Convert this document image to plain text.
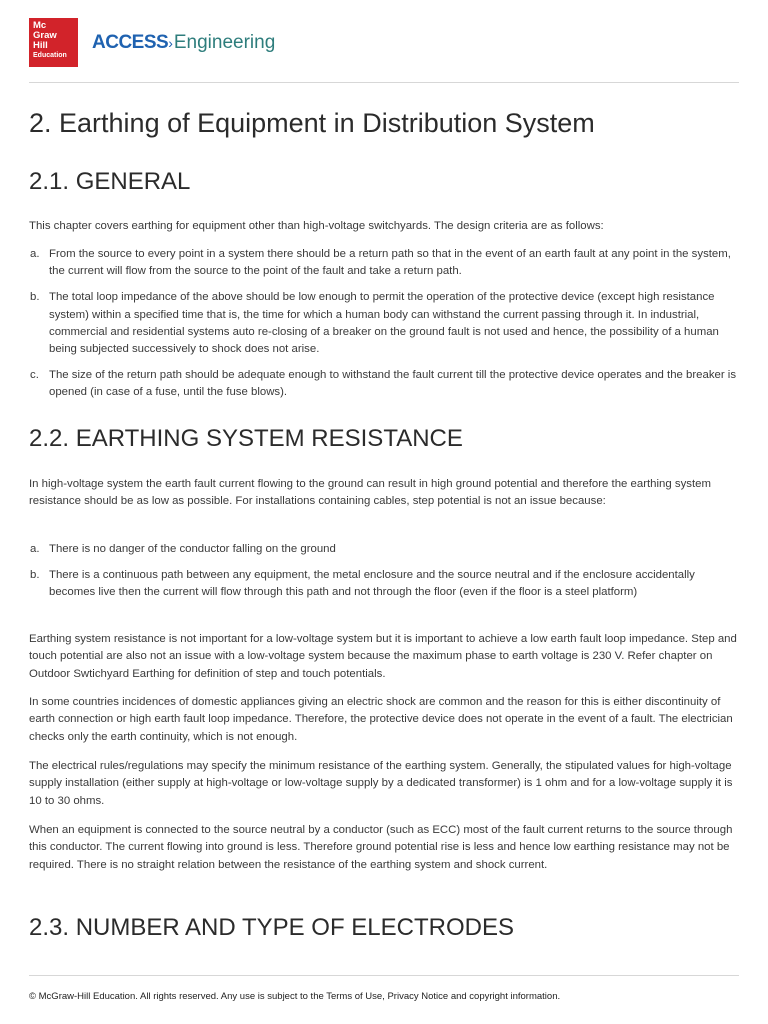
Mc
Graw
Hill
Education
ACCESS›Engineering
2. Earthing of Equipment in Distribution System
2.1. GENERAL

This chapter covers earthing for equipment other than high-voltage switchyards. The design criteria are as follows:

a. From the source to every point in a system there should be a return path so that in the event of an earth fault at any point in the system, the current will flow from the source to the point of the fault and take a return path.
b. The total loop impedance of the above should be low enough to permit the operation of the protective device (except high resistance system) within a specified time that is, the time for which a human body can withstand the current passing through it. In industrial, commercial and residential systems auto re-closing of a breaker on the ground fault is not used and hence, the possibility of a human being subjected successively to shock does not arise.
c. The size of the return path should be adequate enough to withstand the fault current till the protective device operates and the breaker is opened (in case of a fuse, until the fuse blows).
2.2. EARTHING SYSTEM RESISTANCE

In high-voltage system the earth fault current flowing to the ground can result in high ground potential and therefore the earthing system resistance should be as low as possible. For installations containing cables, step potential is not an issue because:

a. There is no danger of the conductor falling on the ground
b. There is a continuous path between any equipment, the metal enclosure and the source neutral and if the enclosure accidentally becomes live then the current will flow through this path and not through the floor (even if the floor is a steel platform)

Earthing system resistance is not important for a low-voltage system but it is important to achieve a low earth fault loop impedance. Step and touch potential are also not an issue with a low-voltage system because the maximum phase to earth voltage is 230 V. Refer chapter on Outdoor Swtichyard Earthing for definition of step and touch potentials.

In some countries incidences of domestic appliances giving an electric shock are common and the reason for this is either discontinuity of earth connection or high earth fault loop impedance. Therefore, the protective device does not operate in the event of a fault. The electrician checks only the earth continuity, which is not enough.

The electrical rules/regulations may specify the minimum resistance of the earthing system. Generally, the stipulated values for high-voltage supply installation (either supply at high-voltage or low-voltage supply by a dedicated transformer) is 1 ohm and for a low-voltage supply it is 10 to 30 ohms.

When an equipment is connected to the source neutral by a conductor (such as ECC) most of the fault current returns to the source through this conductor. The current flowing into ground is less. Therefore ground potential rise is less and hence low earthing resistance may not be required. There is no straight relation between the resistance of the earthing system and shock current.

2.3. NUMBER AND TYPE OF ELECTRODES
© McGraw-Hill Education. All rights reserved. Any use is subject to the Terms of Use, Privacy Notice and copyright information.
